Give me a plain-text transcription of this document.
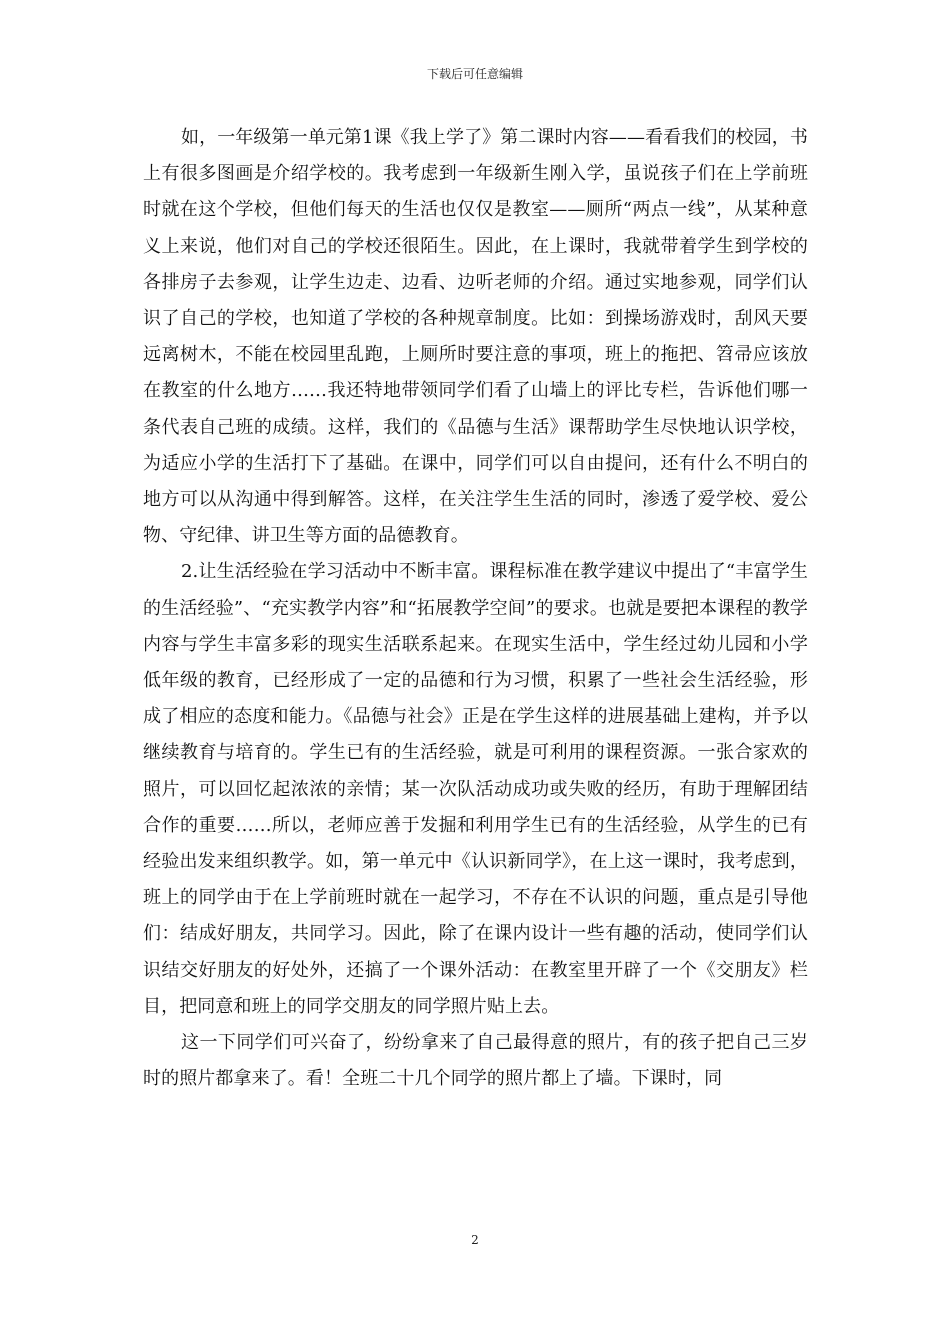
下载后可任意编辑

如，一年级第一单元第1课《我上学了》第二课时内容——看看我们的校园，书上有很多图画是介绍学校的。我考虑到一年级新生刚入学，虽说孩子们在上学前班时就在这个学校，但他们每天的生活也仅仅是教室——厕所“两点一线”，从某种意义上来说，他们对自己的学校还很陌生。因此，在上课时，我就带着学生到学校的各排房子去参观，让学生边走、边看、边听老师的介绍。通过实地参观，同学们认识了自己的学校，也知道了学校的各种规章制度。比如：到操场游戏时，刮风天要远离树木，不能在校园里乱跑，上厕所时要注意的事项，班上的拖把、笤帚应该放在教室的什么地方……我还特地带领同学们看了山墙上的评比专栏，告诉他们哪一条代表自己班的成绩。这样，我们的《品德与生活》课帮助学生尽快地认识学校，为适应小学的生活打下了基础。在课中，同学们可以自由提问，还有什么不明白的地方可以从沟通中得到解答。这样，在关注学生生活的同时，渗透了爱学校、爱公物、守纪律、讲卫生等方面的品德教育。

2.让生活经验在学习活动中不断丰富。课程标准在教学建议中提出了“丰富学生的生活经验”、“充实教学内容”和“拓展教学空间”的要求。也就是要把本课程的教学内容与学生丰富多彩的现实生活联系起来。在现实生活中，学生经过幼儿园和小学低年级的教育，已经形成了一定的品德和行为习惯，积累了一些社会生活经验，形成了相应的态度和能力。《品德与社会》正是在学生这样的进展基础上建构，并予以继续教育与培育的。学生已有的生活经验，就是可利用的课程资源。一张合家欢的照片，可以回忆起浓浓的亲情；某一次队活动成功或失败的经历，有助于理解团结合作的重要……所以，老师应善于发掘和利用学生已有的生活经验，从学生的已有经验出发来组织教学。如，第一单元中《认识新同学》，在上这一课时，我考虑到，班上的同学由于在上学前班时就在一起学习，不存在不认识的问题，重点是引导他们：结成好朋友，共同学习。因此，除了在课内设计一些有趣的活动，使同学们认识结交好朋友的好处外，还搞了一个课外活动：在教室里开辟了一个《交朋友》栏目，把同意和班上的同学交朋友的同学照片贴上去。

这一下同学们可兴奋了，纷纷拿来了自己最得意的照片，有的孩子把自己三岁时的照片都拿来了。看！全班二十几个同学的照片都上了墙。下课时，同

2
